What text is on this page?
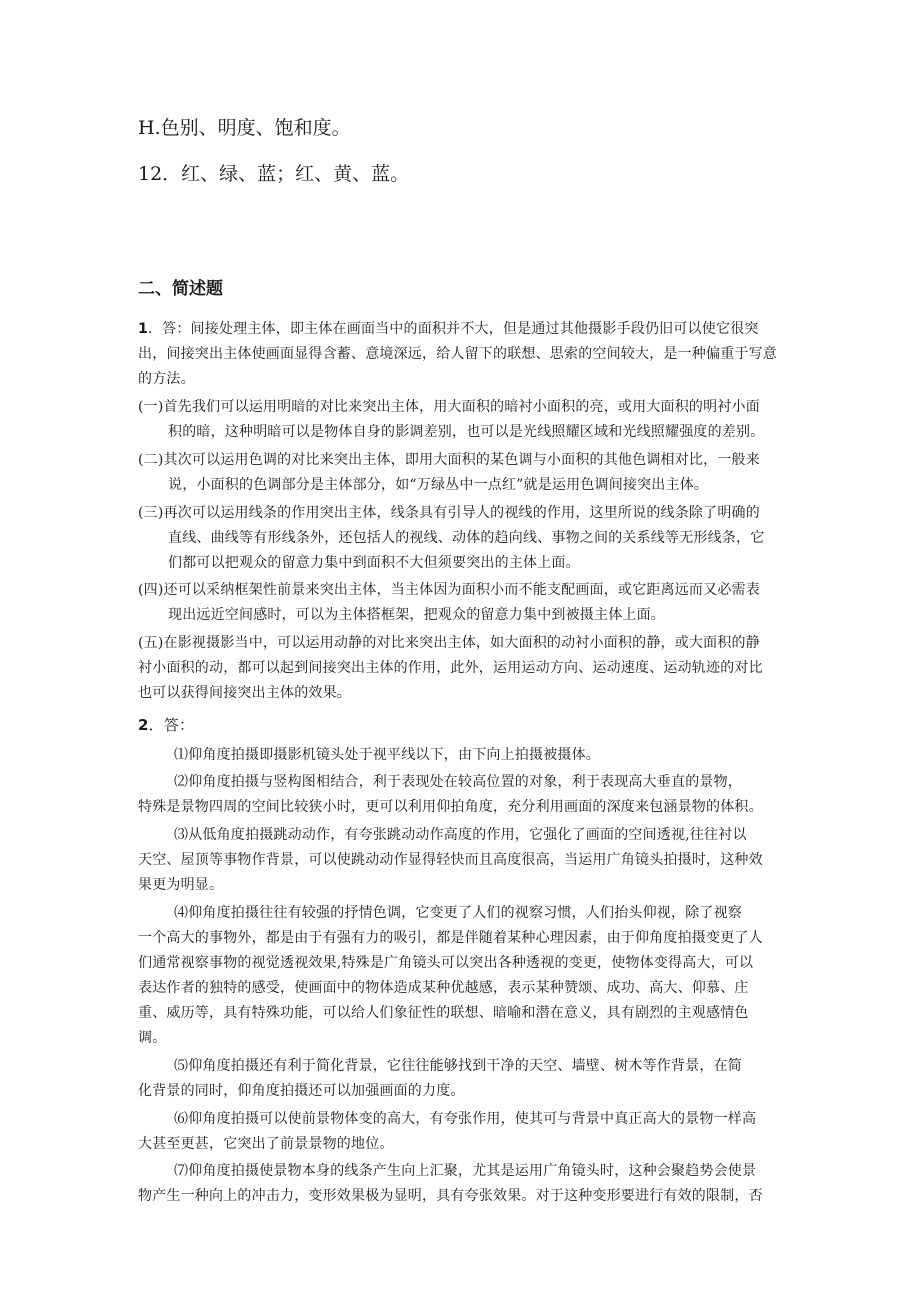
H.色别、明度、饱和度。
12．红、绿、蓝；红、黄、蓝。
二、简述题
1．答：间接处理主体，即主体在画面当中的面积并不大，但是通过其他摄影手段仍旧可以使它很突
出，间接突出主体使画面显得含蓄、意境深远，给人留下的联想、思索的空间较大，是一种偏重于写意
的方法。
(一)首先我们可以运用明暗的对比来突出主体，用大面积的暗衬小面积的亮，或用大面积的明衬小面
积的暗，这种明暗可以是物体自身的影调差别，也可以是光线照耀区域和光线照耀强度的差别。
(二)其次可以运用色调的对比来突出主体，即用大面积的某色调与小面积的其他色调相对比，一般来
说，小面积的色调部分是主体部分，如“万绿丛中一点红”就是运用色调间接突出主体。
(三)再次可以运用线条的作用突出主体，线条具有引导人的视线的作用，这里所说的线条除了明确的
直线、曲线等有形线条外，还包括人的视线、动体的趋向线、事物之间的关系线等无形线条，它
们都可以把观众的留意力集中到面积不大但须要突出的主体上面。
(四)还可以采纳框架性前景来突出主体，当主体因为面积小而不能支配画面，或它距离远而又必需表
现出远近空间感时，可以为主体搭框架，把观众的留意力集中到被摄主体上面。
(五)在影视摄影当中，可以运用动静的对比来突出主体，如大面积的动衬小面积的静，或大面积的静
衬小面积的动，都可以起到间接突出主体的作用，此外，运用运动方向、运动速度、运动轨迹的对比
也可以获得间接突出主体的效果。
2．答：
⑴仰角度拍摄即摄影机镜头处于视平线以下，由下向上拍摄被摄体。
⑵仰角度拍摄与竖构图相结合，利于表现处在较高位置的对象，利于表现高大垂直的景物，
特殊是景物四周的空间比较狭小时，更可以利用仰拍角度，充分利用画面的深度来包涵景物的体积。
⑶从低角度拍摄跳动动作，有夸张跳动动作高度的作用，它强化了画面的空间透视,往往衬以
天空、屋顶等事物作背景，可以使跳动动作显得轻快而且高度很高，当运用广角镜头拍摄时，这种效
果更为明显。
⑷仰角度拍摄往往有较强的抒情色调，它变更了人们的视察习惯，人们抬头仰视，除了视察
一个高大的事物外，都是由于有强有力的吸引，都是伴随着某种心理因素，由于仰角度拍摄变更了人
们通常视察事物的视觉透视效果,特殊是广角镜头可以突出各种透视的变更，使物体变得高大，可以
表达作者的独特的感受，使画面中的物体造成某种优越感，表示某种赞颂、成功、高大、仰慕、庄
重、威历等，具有特殊功能，可以给人们象征性的联想、暗喻和潜在意义，具有剧烈的主观感情色
调。
⑸仰角度拍摄还有利于简化背景，它往往能够找到干净的天空、墙壁、树木等作背景，在简
化背景的同时，仰角度拍摄还可以加强画面的力度。
⑹仰角度拍摄可以使前景物体变的高大，有夸张作用，使其可与背景中真正高大的景物一样高
大甚至更甚，它突出了前景景物的地位。
⑺仰角度拍摄使景物本身的线条产生向上汇聚，尤其是运用广角镜头时，这种会聚趋势会使景
物产生一种向上的冲击力，变形效果极为显明，具有夸张效果。对于这种变形要进行有效的限制，否
